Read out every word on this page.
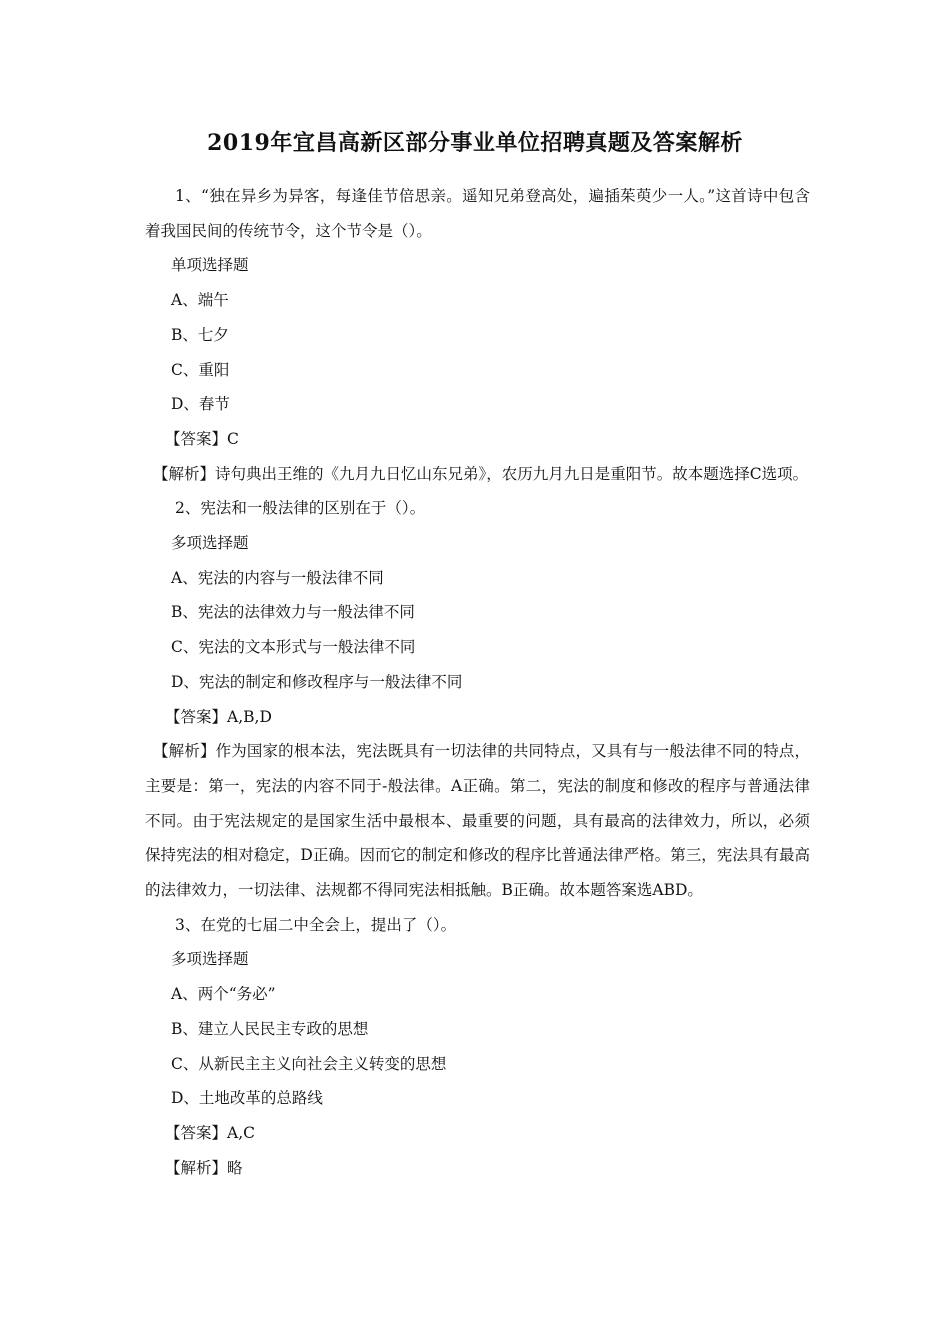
2019年宜昌高新区部分事业单位招聘真题及答案解析

1、“独在异乡为异客，每逢佳节倍思亲。遥知兄弟登高处，遍插茱萸少一人。”这首诗中包含着我国民间的传统节令，这个节令是（）。

单项选择题

A、端午

B、七夕

C、重阳

D、春节

【答案】C

【解析】诗句典出王维的《九月九日忆山东兄弟》，农历九月九日是重阳节。故本题选择C选项。

2、宪法和一般法律的区别在于（）。

多项选择题

A、宪法的内容与一般法律不同

B、宪法的法律效力与一般法律不同

C、宪法的文本形式与一般法律不同

D、宪法的制定和修改程序与一般法律不同

【答案】A,B,D

【解析】作为国家的根本法，宪法既具有一切法律的共同特点，又具有与一般法律不同的特点，主要是：第一，宪法的内容不同于-般法律。A正确。第二，宪法的制度和修改的程序与普通法律不同。由于宪法规定的是国家生活中最根本、最重要的问题，具有最高的法律效力，所以，必须保持宪法的相对稳定，D正确。因而它的制定和修改的程序比普通法律严格。第三，宪法具有最高的法律效力，一切法律、法规都不得同宪法相抵触。B正确。故本题答案选ABD。

3、在党的七届二中全会上，提出了（）。

多项选择题

A、两个“务必”

B、建立人民民主专政的思想

C、从新民主主义向社会主义转变的思想

D、土地改革的总路线

【答案】A,C

【解析】略
